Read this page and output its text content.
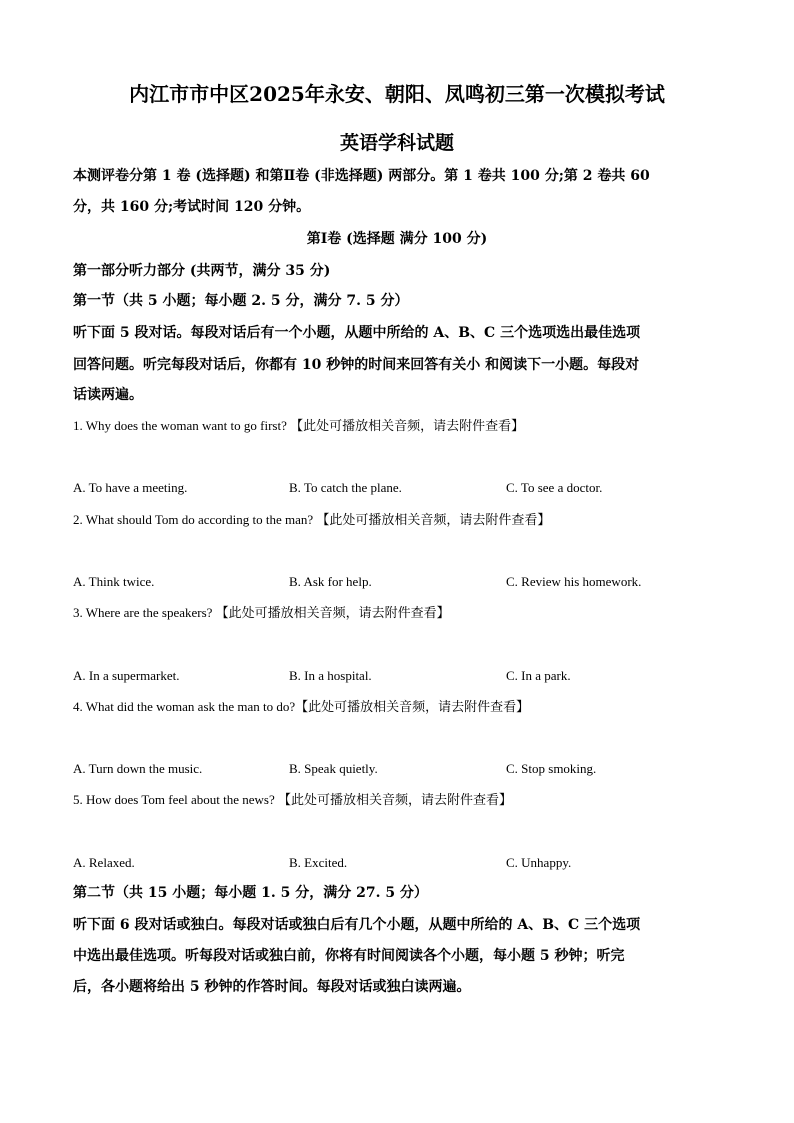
内江市市中区2025年永安、朝阳、凤鸣初三第一次模拟考试
英语学科试题
本测评卷分第 1 卷 (选择题) 和第Ⅱ卷 (非选择题) 两部分。第 1 卷共 100 分;第 2 卷共 60
分，共 160 分;考试时间 120 分钟。
第Ⅰ卷 (选择题 满分 100 分)
第一部分听力部分 (共两节，满分 35 分)
第一节（共 5 小题；每小题 2. 5 分，满分 7. 5 分）
听下面 5 段对话。每段对话后有一个小题，从题中所给的 A、B、C 三个选项选出最佳选项
回答问题。听完每段对话后，你都有 10 秒钟的时间来回答有关小 和阅读下一小题。每段对
话读两遍。
1. Why does the woman want to go first? 【此处可播放相关音频，请去附件查看】
A. To have a meeting.	B. To catch the plane.	C. To see a doctor.
2. What should Tom do according to the man? 【此处可播放相关音频，请去附件查看】
A. Think twice.	B. Ask for help.	C. Review his homework.
3. Where are the speakers? 【此处可播放相关音频，请去附件查看】
A. In a supermarket.	B. In a hospital.	C. In a park.
4. What did the woman ask the man to do?【此处可播放相关音频，请去附件查看】
A. Turn down the music.	B. Speak quietly.	C. Stop smoking.
5. How does Tom feel about the news? 【此处可播放相关音频，请去附件查看】
A. Relaxed.	B. Excited.	C. Unhappy.
第二节（共 15 小题；每小题 1. 5 分，满分 27. 5 分）
听下面 6 段对话或独白。每段对话或独白后有几个小题，从题中所给的 A、B、C 三个选项
中选出最佳选项。听每段对话或独白前，你将有时间阅读各个小题，每小题 5 秒钟；听完
后，各小题将给出 5 秒钟的作答时间。每段对话或独白读两遍。
